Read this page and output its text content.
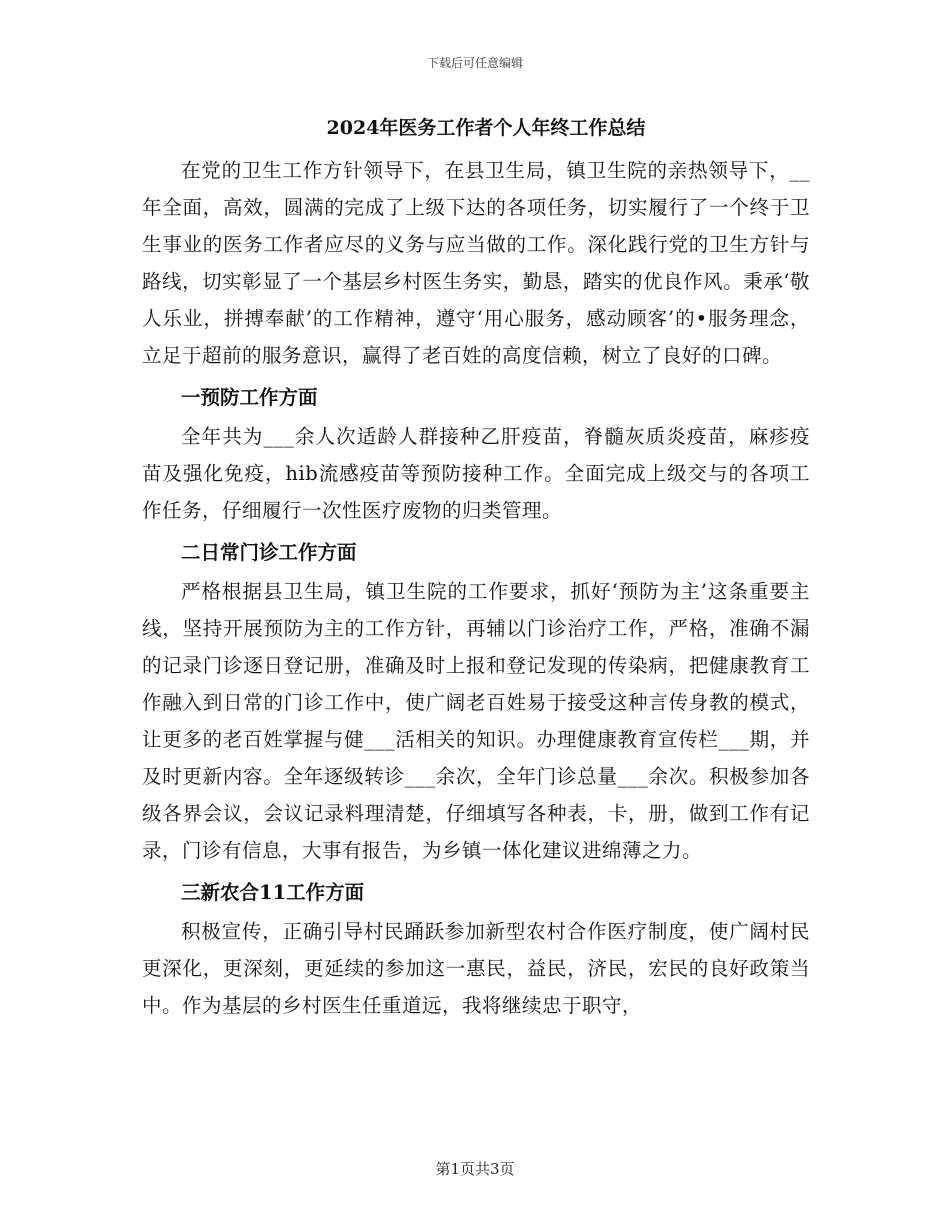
下载后可任意编辑
2024年医务工作者个人年终工作总结

在党的卫生工作方针领导下，在县卫生局，镇卫生院的亲热领导下，__年全面，高效，圆满的完成了上级下达的各项任务，切实履行了一个终于卫生事业的医务工作者应尽的义务与应当做的工作。深化践行党的卫生方针与路线，切实彰显了一个基层乡村医生务实，勤恳，踏实的优良作风。秉承‘敬人乐业，拼搏奉献’的工作精神，遵守‘用心服务，感动顾客’的•服务理念，立足于超前的服务意识，赢得了老百姓的高度信赖，树立了良好的口碑。

一预防工作方面

全年共为___余人次适龄人群接种乙肝疫苗，脊髓灰质炎疫苗，麻疹疫苗及强化免疫，hib流感疫苗等预防接种工作。全面完成上级交与的各项工作任务，仔细履行一次性医疗废物的归类管理。

二日常门诊工作方面

严格根据县卫生局，镇卫生院的工作要求，抓好‘预防为主’这条重要主线，坚持开展预防为主的工作方针，再辅以门诊治疗工作，严格，准确不漏的记录门诊逐日登记册，准确及时上报和登记发现的传染病，把健康教育工作融入到日常的门诊工作中，使广阔老百姓易于接受这种言传身教的模式，让更多的老百姓掌握与健___活相关的知识。办理健康教育宣传栏___期，并及时更新内容。全年逐级转诊___余次，全年门诊总量___余次。积极参加各级各界会议，会议记录料理清楚，仔细填写各种表，卡，册，做到工作有记录，门诊有信息，大事有报告，为乡镇一体化建议进绵薄之力。

三新农合11工作方面

积极宣传，正确引导村民踊跃参加新型农村合作医疗制度，使广阔村民更深化，更深刻，更延续的参加这一惠民，益民，济民，宏民的良好政策当中。作为基层的乡村医生任重道远，我将继续忠于职守，

第1页共3页
